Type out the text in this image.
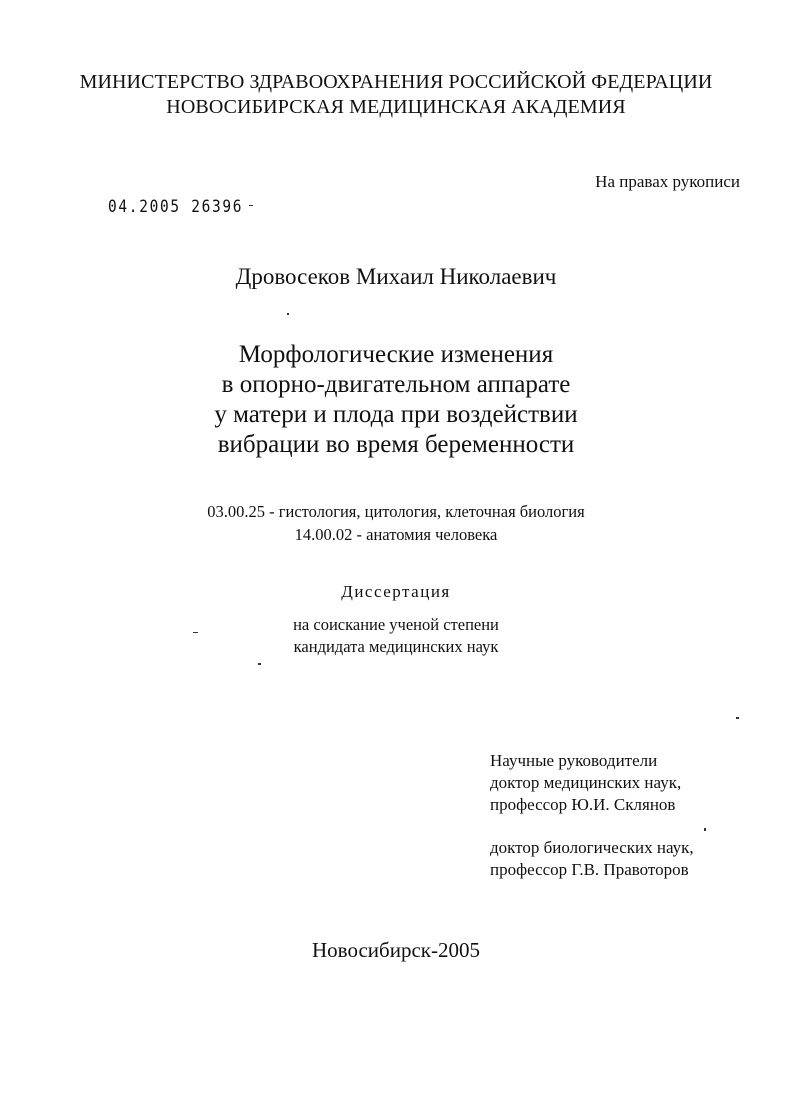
МИНИСТЕРСТВО ЗДРАВООХРАНЕНИЯ РОССИЙСКОЙ ФЕДЕРАЦИИ
НОВОСИБИРСКАЯ МЕДИЦИНСКАЯ АКАДЕМИЯ
На правах рукописи
04.2005 26396
Дровосеков Михаил Николаевич
Морфологические изменения
в опорно-двигательном аппарате
у матери и плода при воздействии
вибрации во время беременности
03.00.25 - гистология, цитология, клеточная биология
14.00.02 - анатомия человека
Диссертация
на соискание ученой степени
кандидата медицинских наук
Научные руководители
доктор медицинских наук,
профессор Ю.И. Склянов
доктор биологических наук,
профессор Г.В. Правоторов
Новосибирск-2005
